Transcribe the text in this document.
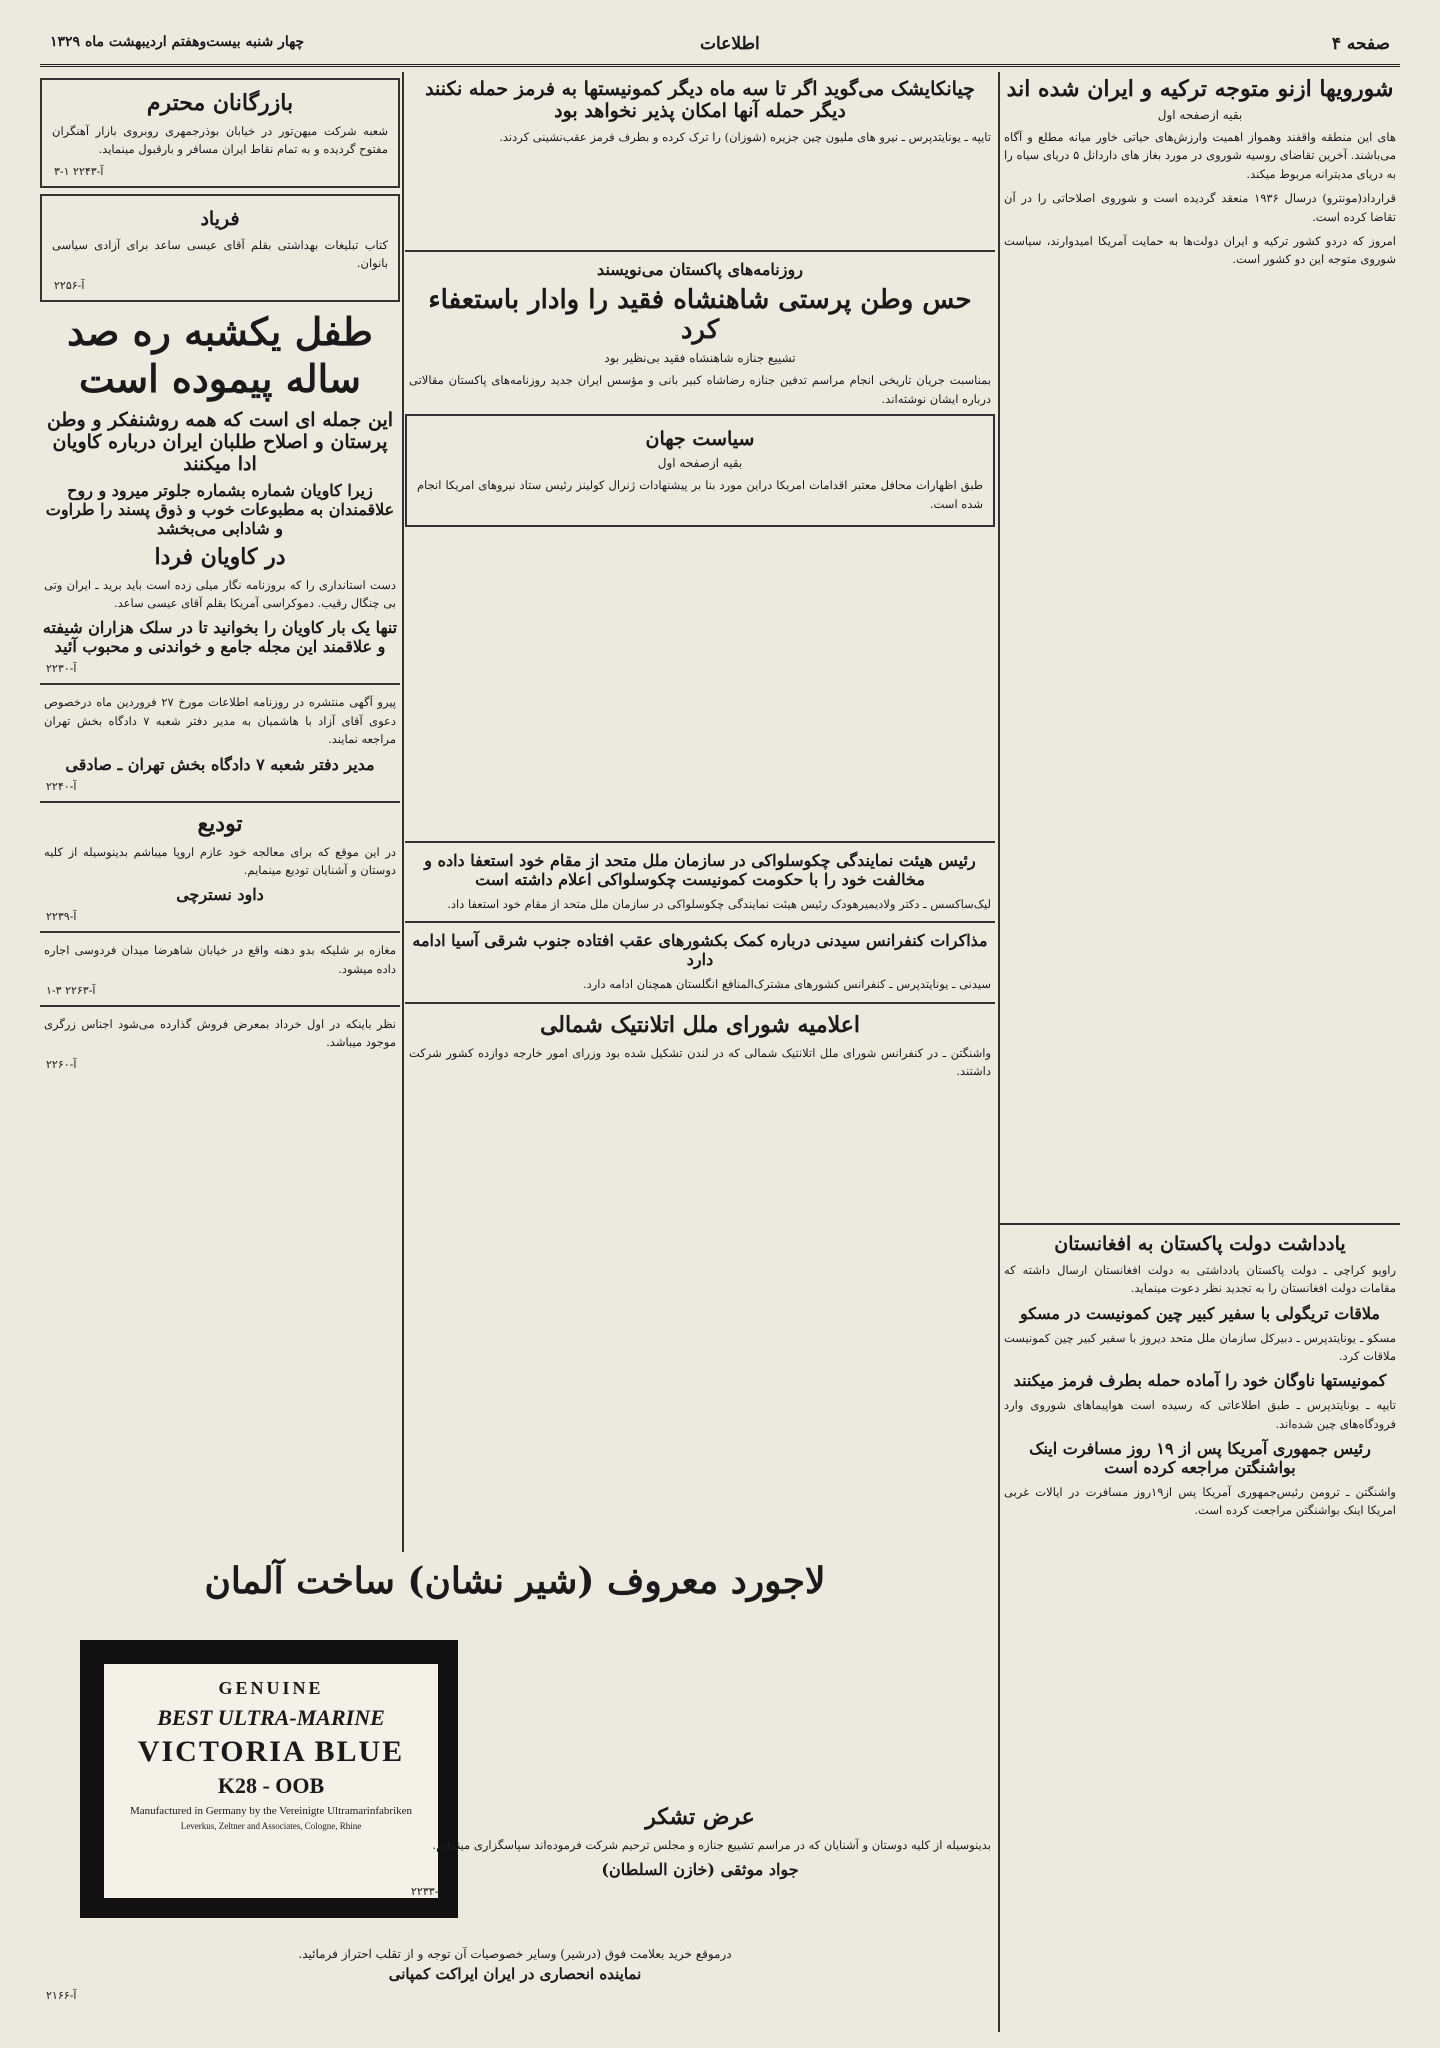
صفحه ۴
اطلاعات
چهار شنبه بیست‌وهفتم اردیبهشت ماه ۱۳۲۹
شورویها ازنو متوجه ترکیه و ایران شده اند
بقیه ازصفحه اول

های این منطقه واقفند وهمواز اهمیت وارزش‌های حیاتی خاور میانه مطلع و آگاه می‌باشند. آخرین تقاضای روسیه شوروی در مورد بغاز های داردانل ۵ دریای سیاه را به دریای مدیترانه مربوط میکند.

قرارداد(مونترو) درسال ۱۹۳۶ منعقد گردیده است و شوروی اصلاحاتی را در آن تقاضا کرده است.

امروز که دردو کشور ترکیه و ایران دولت‌ها به حمایت آمریکا امیدوارند، سیاست شوروی متوجه این دو کشور است.

یادداشت دولت پاکستان به افغانستان

راویو کراچی ـ دولت پاکستان یادداشتی به دولت افغانستان ارسال داشته که مقامات دولت افغانستان را به تجدید نظر دعوت مینماید.

ملاقات تریگولی با سفیر کبیر چین کمونیست در مسکو

مسکو ـ یونایتدپرس ـ دبیرکل سازمان ملل متحد دیروز با سفیر کبیر چین کمونیست ملاقات کرد.

کمونیستها ناوگان خود را آماده حمله بطرف فرمز میکنند

تایپه ـ یونایتدپرس ـ طبق اطلاعاتی که رسیده است هواپیماهای شوروی وارد فرودگاه‌های چین شده‌اند.

رئیس جمهوری آمریکا پس از ۱۹ روز مسافرت اینک بواشنگتن مراجعه کرده است

واشنگتن ـ ترومن رئیس‌جمهوری آمریکا پس از۱۹روز مسافرت در ایالات غربی امریکا اینک بواشنگتن مراجعت کرده است.

چیانکایشک می‌گوید اگر تا سه ماه دیگر کمونیستها به فرمز حمله نکنند دیگر حمله آنها امکان پذیر نخواهد بود

تایپه ـ یونایتدپرس ـ نیرو های ملیون چین جزیره (شوزان) را ترک کرده و بطرف فرمز عقب‌نشینی کردند.

روزنامه‌های پاکستان می‌نویسند
حس وطن پرستی شاهنشاه فقید را وادار باستعفاء کرد
تشییع جنازه شاهنشاه فقید بی‌نظیر بود

بمناسبت جریان تاریخی انجام مراسم تدفین جنازه رضاشاه کبیر بانی و مؤسس ایران جدید روزنامه‌های پاکستان مقالاتی درباره ایشان نوشته‌اند.

سیاست جهان
بقیه ازصفحه اول

طبق اظهارات محافل معتبر اقدامات امریکا دراین مورد بنا بر پیشنهادات ژنرال کولینز رئیس ستاد نیروهای امریکا انجام شده است.

رئیس هیئت نمایندگی چکوسلواکی در سازمان ملل متحد از مقام خود استعفا داده و مخالفت خود را با حکومت کمونیست چکوسلواکی اعلام داشته است

لیک‌ساکسس ـ دکتر ولادیمیرهودک رئیس هیئت نمایندگی چکوسلواکی در سازمان ملل متحد از مقام خود استعفا داد.

مذاکرات کنفرانس سیدنی درباره کمک بکشورهای عقب افتاده جنوب شرقی آسیا ادامه دارد

سیدنی ـ یونایتدپرس ـ کنفرانس کشورهای مشترک‌المنافع انگلستان همچنان ادامه دارد.

اعلامیه شورای ملل اتلانتیک شمالی

واشنگتن ـ در کنفرانس شورای ملل اتلانتیک شمالی که در لندن تشکیل شده بود وزرای امور خارجه دوازده کشور شرکت داشتند.

بازرگانان محترم

شعبه شرکت میهن‌تور در خیابان بوذرجمهری روبروی بازار آهنگران مفتوح گردیده و به تمام نقاط ایران مسافر و بارقبول مینماید.

۳-۱ آ-۲۲۴۳
فریاد

کتاب تبلیغات بهداشتی بقلم آقای عیسی ساعد برای آزادی سیاسی بانوان.

آ-۲۲۵۶
طفل یکشبه ره صد ساله پیموده است
این جمله ای است که همه روشنفکر و وطن پرستان و اصلاح طلبان ایران درباره کاویان ادا میکنند
زیرا کاویان شماره بشماره جلوتر میرود و روح علاقمندان به مطبوعات خوب و ذوق پسند را طراوت و شادابی می‌بخشد
در کاویان فردا

دست استانداری را که بروزنامه نگار میلی زده است باید برید ـ ایران وتی بی چنگال رقیب. دموکراسی آمریکا بقلم آقای عیسی ساعد.

تنها یک بار کاویان را بخوانید تا در سلک هزاران شیفته و علاقمند این مجله جامع و خواندنی و محبوب آئید
آ-۲۲۳۰

پیرو آگهی منتشره در روزنامه اطلاعات مورخ ۲۷ فروردین ماه درخصوص دعوی آقای آزاد با هاشمیان به مدیر دفتر شعبه ۷ دادگاه بخش تهران مراجعه نمایند.

مدیر دفتر شعبه ۷ دادگاه بخش تهران ـ صادقی
آ-۲۲۴۰
تودیع

در این موقع که برای معالجه خود عازم اروپا میباشم بدینوسیله از کلیه دوستان و آشنایان تودیع مینمایم.

داود نسترچی
آ-۲۲۳۹

مغازه بر شلیکه بدو دهنه واقع در خیابان شاهرضا میدان فردوسی اجاره داده میشود.

آ-۲۲۶۳ ۳-۱

نظر باینکه در اول خرداد بمعرض فروش گذارده می‌شود اجناس زرگری موجود میباشد.

آ-۲۲۶۰
لاجورد معروف (شیر نشان) ساخت آلمان
GENUINE
BEST ULTRA-MARINE
VICTORIA BLUE
K28 - OOB
Manufactured in Germany by the Vereinigte Ultramarinfabriken
Leverkus, Zeltner and Associates, Cologne, Rhine
درموقع خرید بعلامت فوق (درشیر) وسایر خصوصیات آن توجه و از تقلب احتراز فرمائید.
نماینده انحصاری در ایران ایراکت کمپانی
آ-۲۱۶۶
عرض تشکر

بدینوسیله از کلیه دوستان و آشنایان که در مراسم تشییع جنازه و مجلس ترحیم شرکت فرموده‌اند سپاسگزاری مینمایم.

جواد موثقی (خازن السلطان)
آ-۲۲۳۳
